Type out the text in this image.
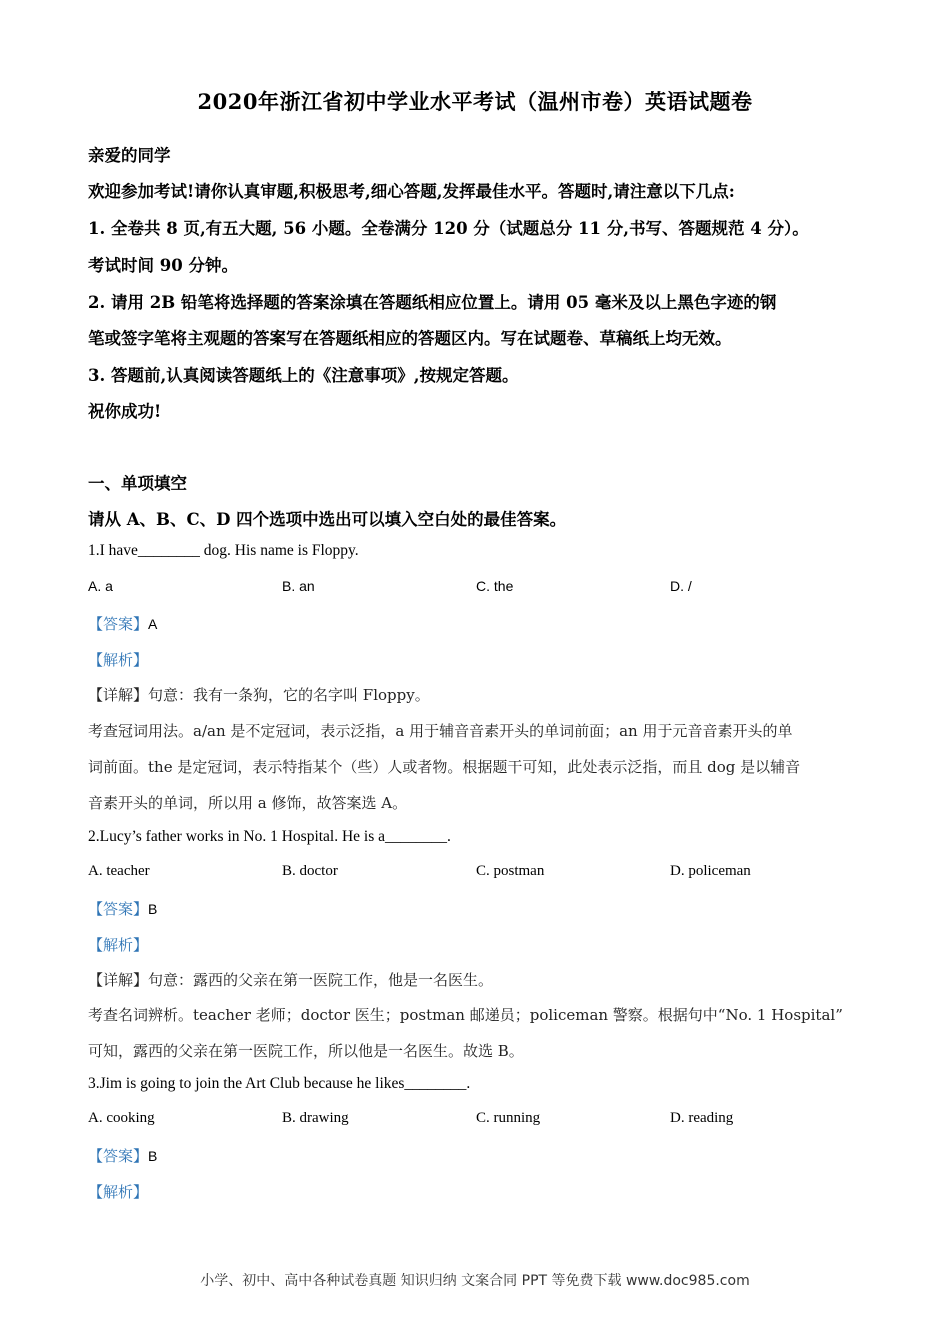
2020年浙江省初中学业水平考试（温州市卷）英语试题卷
亲爱的同学
欢迎参加考试!请你认真审题,积极思考,细心答题,发挥最佳水平。答题时,请注意以下几点:
1. 全卷共 8 页,有五大题, 56 小题。全卷满分 120 分（试题总分 11 分,书写、答题规范 4 分）。
考试时间 90 分钟。
2. 请用 2B 铅笔将选择题的答案涂填在答题纸相应位置上。请用 05 毫米及以上黑色字迹的钢
笔或签字笔将主观题的答案写在答题纸相应的答题区内。写在试题卷、草稿纸上均无效。
3. 答题前,认真阅读答题纸上的《注意事项》,按规定答题。
祝你成功!
一、单项填空
请从 A、B、C、D 四个选项中选出可以填入空白处的最佳答案。
1.I have________ dog. His name is Floppy.
A. a	B. an	C. the	D. /
【答案】A
【解析】
【详解】句意：我有一条狗，它的名字叫 Floppy。
考查冠词用法。a/an 是不定冠词，表示泛指，a 用于辅音音素开头的单词前面；an 用于元音音素开头的单
词前面。the 是定冠词，表示特指某个（些）人或者物。根据题干可知，此处表示泛指，而且 dog 是以辅音
音素开头的单词，所以用 a 修饰，故答案选 A。
2.Lucy’s father works in No. 1 Hospital. He is a________.
A. teacher	B. doctor	C. postman	D. policeman
【答案】B
【解析】
【详解】句意：露西的父亲在第一医院工作，他是一名医生。
考查名词辨析。teacher 老师；doctor 医生；postman 邮递员；policeman 警察。根据句中“No. 1 Hospital”
可知，露西的父亲在第一医院工作，所以他是一名医生。故选 B。
3.Jim is going to join the Art Club because he likes________.
A. cooking	B. drawing	C. running	D. reading
【答案】B
【解析】
小学、初中、高中各种试卷真题 知识归纳 文案合同 PPT 等免费下载 www.doc985.com
